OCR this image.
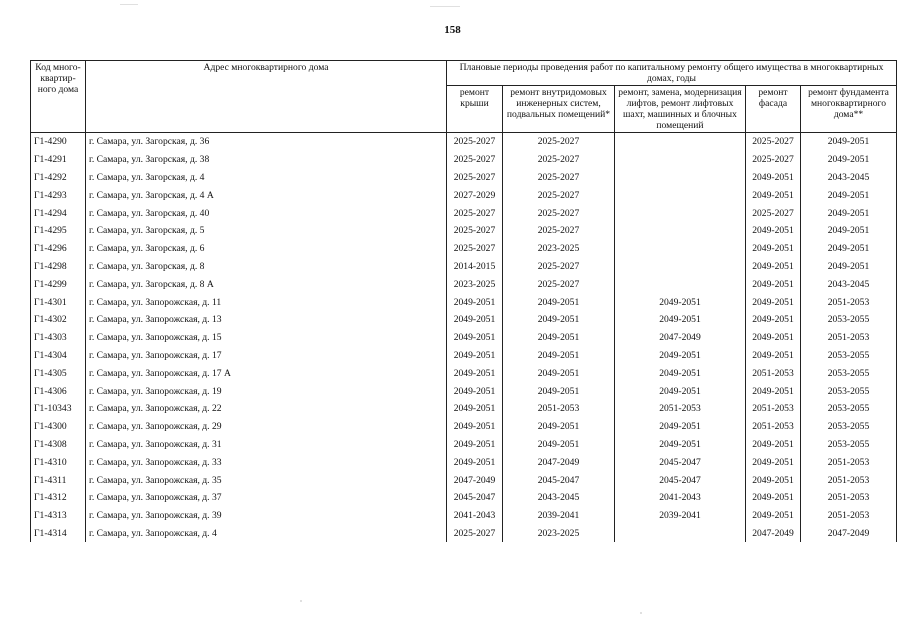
158
Код много-квартир-ного дома	Адрес многоквартирного дома	Плановые периоды проведения работ по капитальному ремонту общего имущества в многоквартирных домах, годы				
		ремонт крыши	ремонт внутридомовых инженерных систем, подвальных помещений*	ремонт, замена, модернизация лифтов, ремонт лифтовых шахт, машинных и блочных помещений	ремонт фасада	ремонт фундамента многоквартирного дома**
Г1-4290	г. Самара, ул. Загорская, д. 36	2025-2027	2025-2027		2025-2027	2049-2051
Г1-4291	г. Самара, ул. Загорская, д. 38	2025-2027	2025-2027		2025-2027	2049-2051
Г1-4292	г. Самара, ул. Загорская, д. 4	2025-2027	2025-2027		2049-2051	2043-2045
Г1-4293	г. Самара, ул. Загорская, д. 4 А	2027-2029	2025-2027		2049-2051	2049-2051
Г1-4294	г. Самара, ул. Загорская, д. 40	2025-2027	2025-2027		2025-2027	2049-2051
Г1-4295	г. Самара, ул. Загорская, д. 5	2025-2027	2025-2027		2049-2051	2049-2051
Г1-4296	г. Самара, ул. Загорская, д. 6	2025-2027	2023-2025		2049-2051	2049-2051
Г1-4298	г. Самара, ул. Загорская, д. 8	2014-2015	2025-2027		2049-2051	2049-2051
Г1-4299	г. Самара, ул. Загорская, д. 8 А	2023-2025	2025-2027		2049-2051	2043-2045
Г1-4301	г. Самара, ул. Запорожская, д. 11	2049-2051	2049-2051	2049-2051	2049-2051	2051-2053
Г1-4302	г. Самара, ул. Запорожская, д. 13	2049-2051	2049-2051	2049-2051	2049-2051	2053-2055
Г1-4303	г. Самара, ул. Запорожская, д. 15	2049-2051	2049-2051	2047-2049	2049-2051	2051-2053
Г1-4304	г. Самара, ул. Запорожская, д. 17	2049-2051	2049-2051	2049-2051	2049-2051	2053-2055
Г1-4305	г. Самара, ул. Запорожская, д. 17 А	2049-2051	2049-2051	2049-2051	2051-2053	2053-2055
Г1-4306	г. Самара, ул. Запорожская, д. 19	2049-2051	2049-2051	2049-2051	2049-2051	2053-2055
Г1-10343	г. Самара, ул. Запорожская, д. 22	2049-2051	2051-2053	2051-2053	2051-2053	2053-2055
Г1-4300	г. Самара, ул. Запорожская, д. 29	2049-2051	2049-2051	2049-2051	2051-2053	2053-2055
Г1-4308	г. Самара, ул. Запорожская, д. 31	2049-2051	2049-2051	2049-2051	2049-2051	2053-2055
Г1-4310	г. Самара, ул. Запорожская, д. 33	2049-2051	2047-2049	2045-2047	2049-2051	2051-2053
Г1-4311	г. Самара, ул. Запорожская, д. 35	2047-2049	2045-2047	2045-2047	2049-2051	2051-2053
Г1-4312	г. Самара, ул. Запорожская, д. 37	2045-2047	2043-2045	2041-2043	2049-2051	2051-2053
Г1-4313	г. Самара, ул. Запорожская, д. 39	2041-2043	2039-2041	2039-2041	2049-2051	2051-2053
Г1-4314	г. Самара, ул. Запорожская, д. 4	2025-2027	2023-2025		2047-2049	2047-2049
